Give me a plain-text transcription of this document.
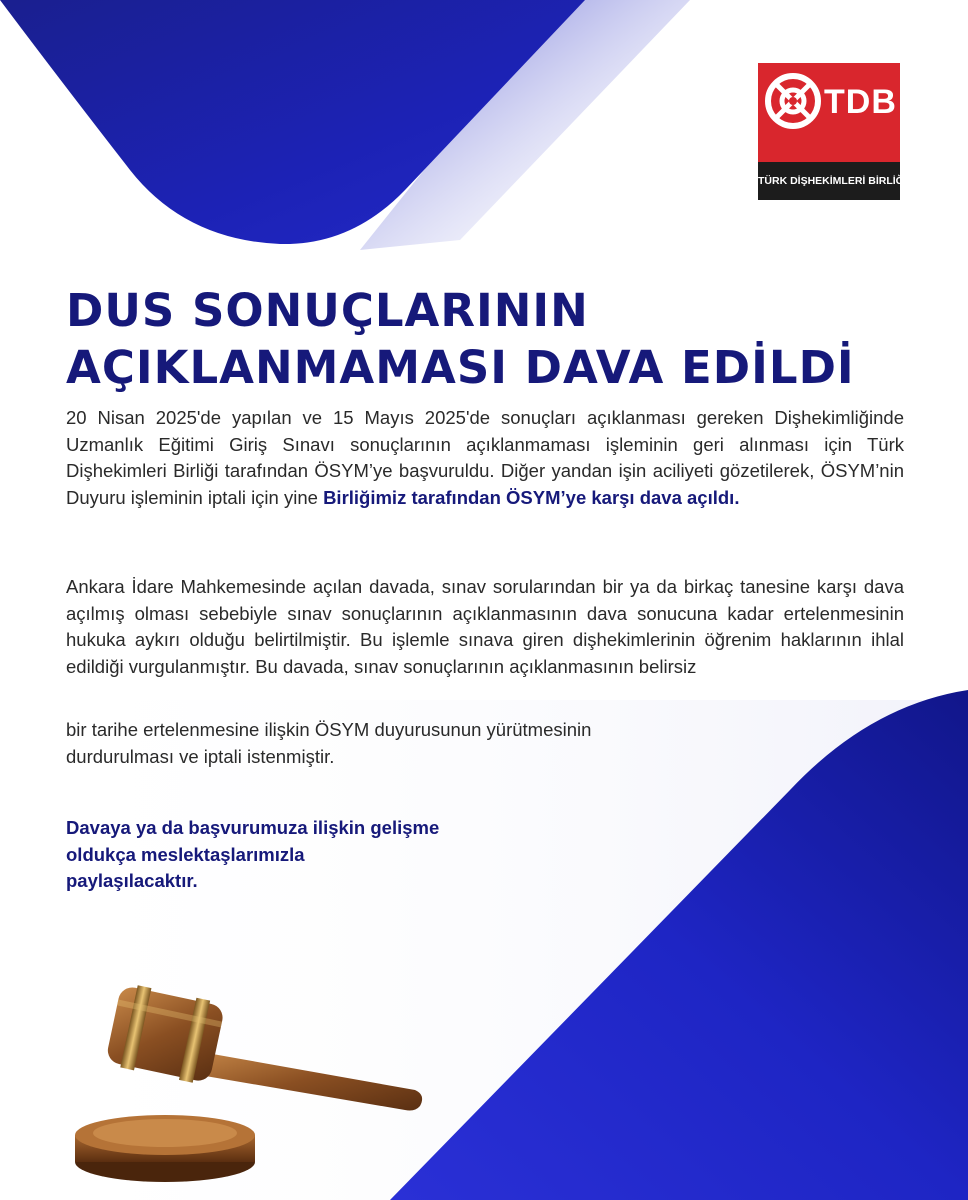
TDB
TÜRK DİŞHEKİMLERİ BİRLİĞİ
DUS SONUÇLARININ
AÇIKLANMAMASI DAVA EDİLDİ

20 Nisan 2025'de yapılan ve 15 Mayıs 2025'de sonuçları açıklanması gereken Dişhekimliğinde Uzmanlık Eğitimi Giriş Sınavı sonuçlarının açıklanmaması işleminin geri alınması için Türk Dişhekimleri Birliği tarafından ÖSYM’ye başvuruldu. Diğer yandan işin aciliyeti gözetilerek, ÖSYM’nin Duyuru işleminin iptali için yine Birliğimiz tarafından ÖSYM’ye karşı dava açıldı.

Ankara İdare Mahkemesinde açılan davada, sınav sorularından bir ya da birkaç tanesine karşı dava açılmış olması sebebiyle sınav sonuçlarının açıklanmasının dava sonucuna kadar ertelenmesinin hukuka aykırı olduğu belirtilmiştir. Bu işlemle sınava giren dişhekimlerinin öğrenim haklarının ihlal edildiği vurgulanmıştır. Bu davada, sınav sonuçlarının açıklanmasının belirsiz

bir tarihe ertelenmesine ilişkin ÖSYM duyurusunun yürütmesinin
durdurulması ve iptali istenmiştir.

Davaya ya da başvurumuza ilişkin gelişme
oldukça meslektaşlarımızla
paylaşılacaktır.
